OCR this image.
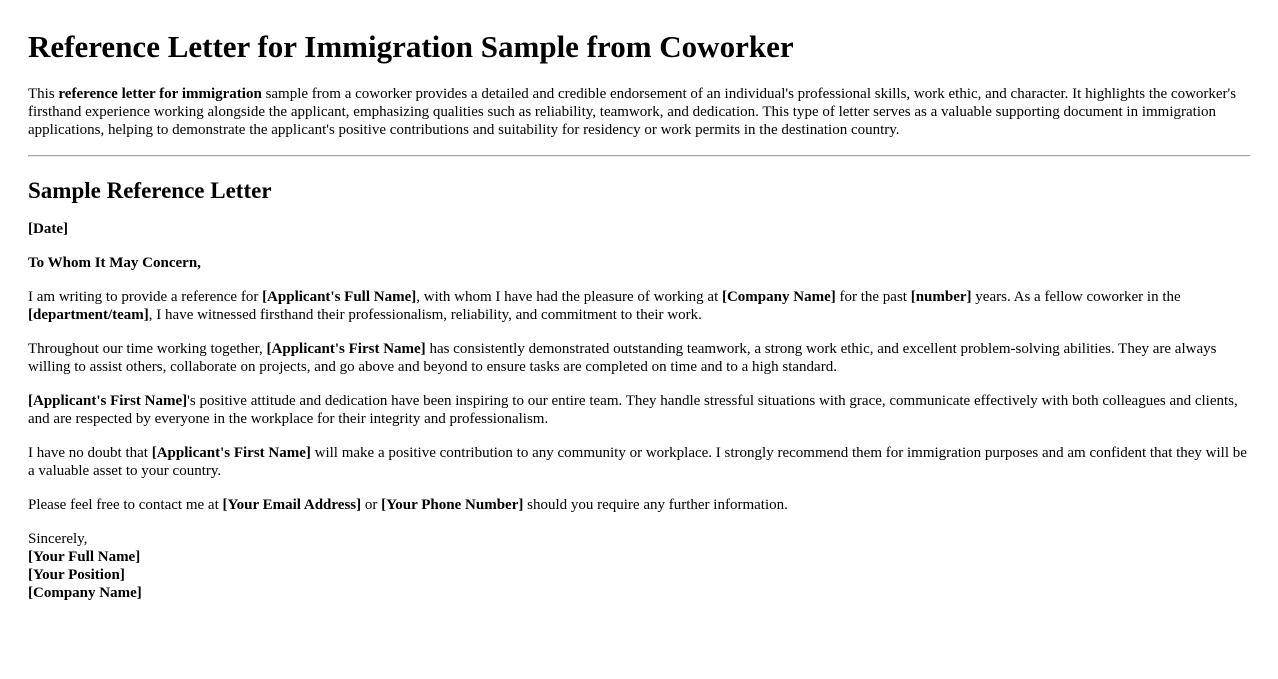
Reference Letter for Immigration Sample from Coworker

This reference letter for immigration sample from a coworker provides a detailed and credible endorsement of an individual's professional skills, work ethic, and character. It highlights the coworker's firsthand experience working alongside the applicant, emphasizing qualities such as reliability, teamwork, and dedication. This type of letter serves as a valuable supporting document in immigration applications, helping to demonstrate the applicant's positive contributions and suitability for residency or work permits in the destination country.

Sample Reference Letter

[Date]

To Whom It May Concern,

I am writing to provide a reference for [Applicant's Full Name], with whom I have had the pleasure of working at [Company Name] for the past [number] years. As a fellow coworker in the [department/team], I have witnessed firsthand their professionalism, reliability, and commitment to their work.

Throughout our time working together, [Applicant's First Name] has consistently demonstrated outstanding teamwork, a strong work ethic, and excellent problem-solving abilities. They are always willing to assist others, collaborate on projects, and go above and beyond to ensure tasks are completed on time and to a high standard.

[Applicant's First Name]'s positive attitude and dedication have been inspiring to our entire team. They handle stressful situations with grace, communicate effectively with both colleagues and clients, and are respected by everyone in the workplace for their integrity and professionalism.

I have no doubt that [Applicant's First Name] will make a positive contribution to any community or workplace. I strongly recommend them for immigration purposes and am confident that they will be a valuable asset to your country.

Please feel free to contact me at [Your Email Address] or [Your Phone Number] should you require any further information.

Sincerely,
[Your Full Name]
[Your Position]
[Company Name]
